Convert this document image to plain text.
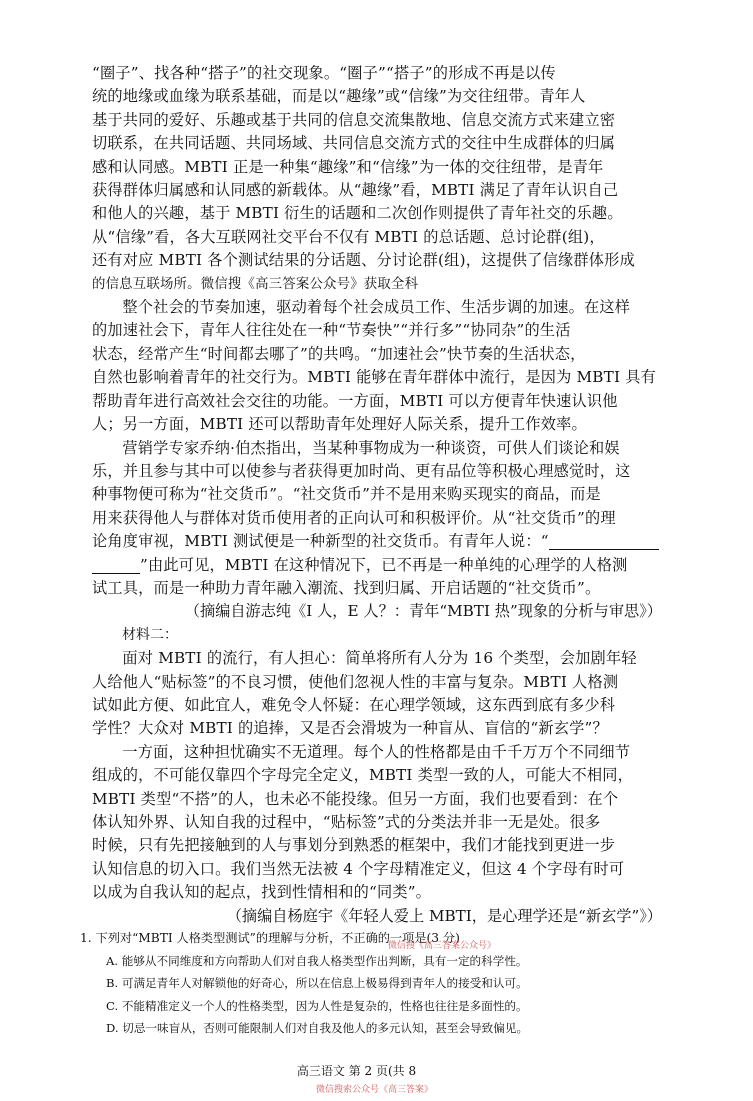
“圈子”、找各种“搭子”的社交现象。“圈子”“搭子”的形成不再是以传
统的地缘或血缘为联系基础，而是以“趣缘”或“信缘”为交往纽带。青年人
基于共同的爱好、乐趣或基于共同的信息交流集散地、信息交流方式来建立密
切联系，在共同话题、共同场域、共同信息交流方式的交往中生成群体的归属
感和认同感。MBTI 正是一种集“趣缘”和“信缘”为一体的交往纽带，是青年
获得群体归属感和认同感的新载体。从“趣缘”看，MBTI 满足了青年认识自己
和他人的兴趣，基于 MBTI 衍生的话题和二次创作则提供了青年社交的乐趣。
从“信缘”看，各大互联网社交平台不仅有 MBTI 的总话题、总讨论群(组)，
还有对应 MBTI 各个测试结果的分话题、分讨论群(组)，这提供了信缘群体形成
的信息互联场所。微信搜《高三答案公众号》获取全科
整个社会的节奏加速，驱动着每个社会成员工作、生活步调的加速。在这样
的加速社会下，青年人往往处在一种“节奏快”“并行多”“协同杂”的生活
状态，经常产生“时间都去哪了”的共鸣。“加速社会”快节奏的生活状态，
自然也影响着青年的社交行为。MBTI 能够在青年群体中流行，是因为 MBTI 具有
帮助青年进行高效社会交往的功能。一方面，MBTI 可以方便青年快速认识他
人；另一方面，MBTI 还可以帮助青年处理好人际关系，提升工作效率。
营销学专家乔纳·伯杰指出，当某种事物成为一种谈资，可供人们谈论和娱
乐，并且参与其中可以使参与者获得更加时尚、更有品位等积极心理感觉时，这
种事物便可称为“社交货币”。“社交货币”并不是用来购买现实的商品，而是
用来获得他人与群体对货币使用者的正向认可和积极评价。从“社交货币”的理
论角度审视，MBTI 测试便是一种新型的社交货币。有青年人说：“
”由此可见，MBTI 在这种情况下，已不再是一种单纯的心理学的人格测
试工具，而是一种助力青年融入潮流、找到归属、开启话题的“社交货币”。

（摘编自游志纯《I 人，E 人？：青年“MBTI 热”现象的分析与审思》）

材料二：

面对 MBTI 的流行，有人担心：简单将所有人分为 16 个类型，会加剧年轻
人给他人“贴标签”的不良习惯，使他们忽视人性的丰富与复杂。MBTI 人格测
试如此方便、如此宜人，难免令人怀疑：在心理学领域，这东西到底有多少科
学性？大众对 MBTI 的追捧，又是否会滑坡为一种盲从、盲信的“新玄学”？
一方面，这种担忧确实不无道理。每个人的性格都是由千千万万个不同细节
组成的，不可能仅靠四个字母完全定义，MBTI 类型一致的人，可能大不相同，
MBTI 类型“不搭”的人，也未必不能投缘。但另一方面，我们也要看到：在个
体认知外界、认知自我的过程中，“贴标签”式的分类法并非一无是处。很多
时候，只有先把接触到的人与事划分到熟悉的框架中，我们才能找到更进一步
认知信息的切入口。我们当然无法被 4 个字母精准定义，但这 4 个字母有时可
以成为自我认知的起点，找到性情相和的“同类”。

（摘编自杨庭宇《年轻人爱上 MBTI，是心理学还是“新玄学”》）

1. 下列对“MBTI 人格类型测试”的理解与分析，不正确的一项是(3 分)

A. 能够从不同维度和方向帮助人们对自我人格类型作出判断，具有一定的科学性。

B. 可满足青年人对解锁他的好奇心，所以在信息上极易得到青年人的接受和认可。

C. 不能精准定义一个人的性格类型，因为人性是复杂的，性格也往往是多面性的。

D. 切忌一味盲从，否则可能限制人们对自我及他人的多元认知，甚至会导致偏见。

微信搜《高三答案公众号》
高三语文 第 2 页(共 8
微信搜索公众号《高三答案》
